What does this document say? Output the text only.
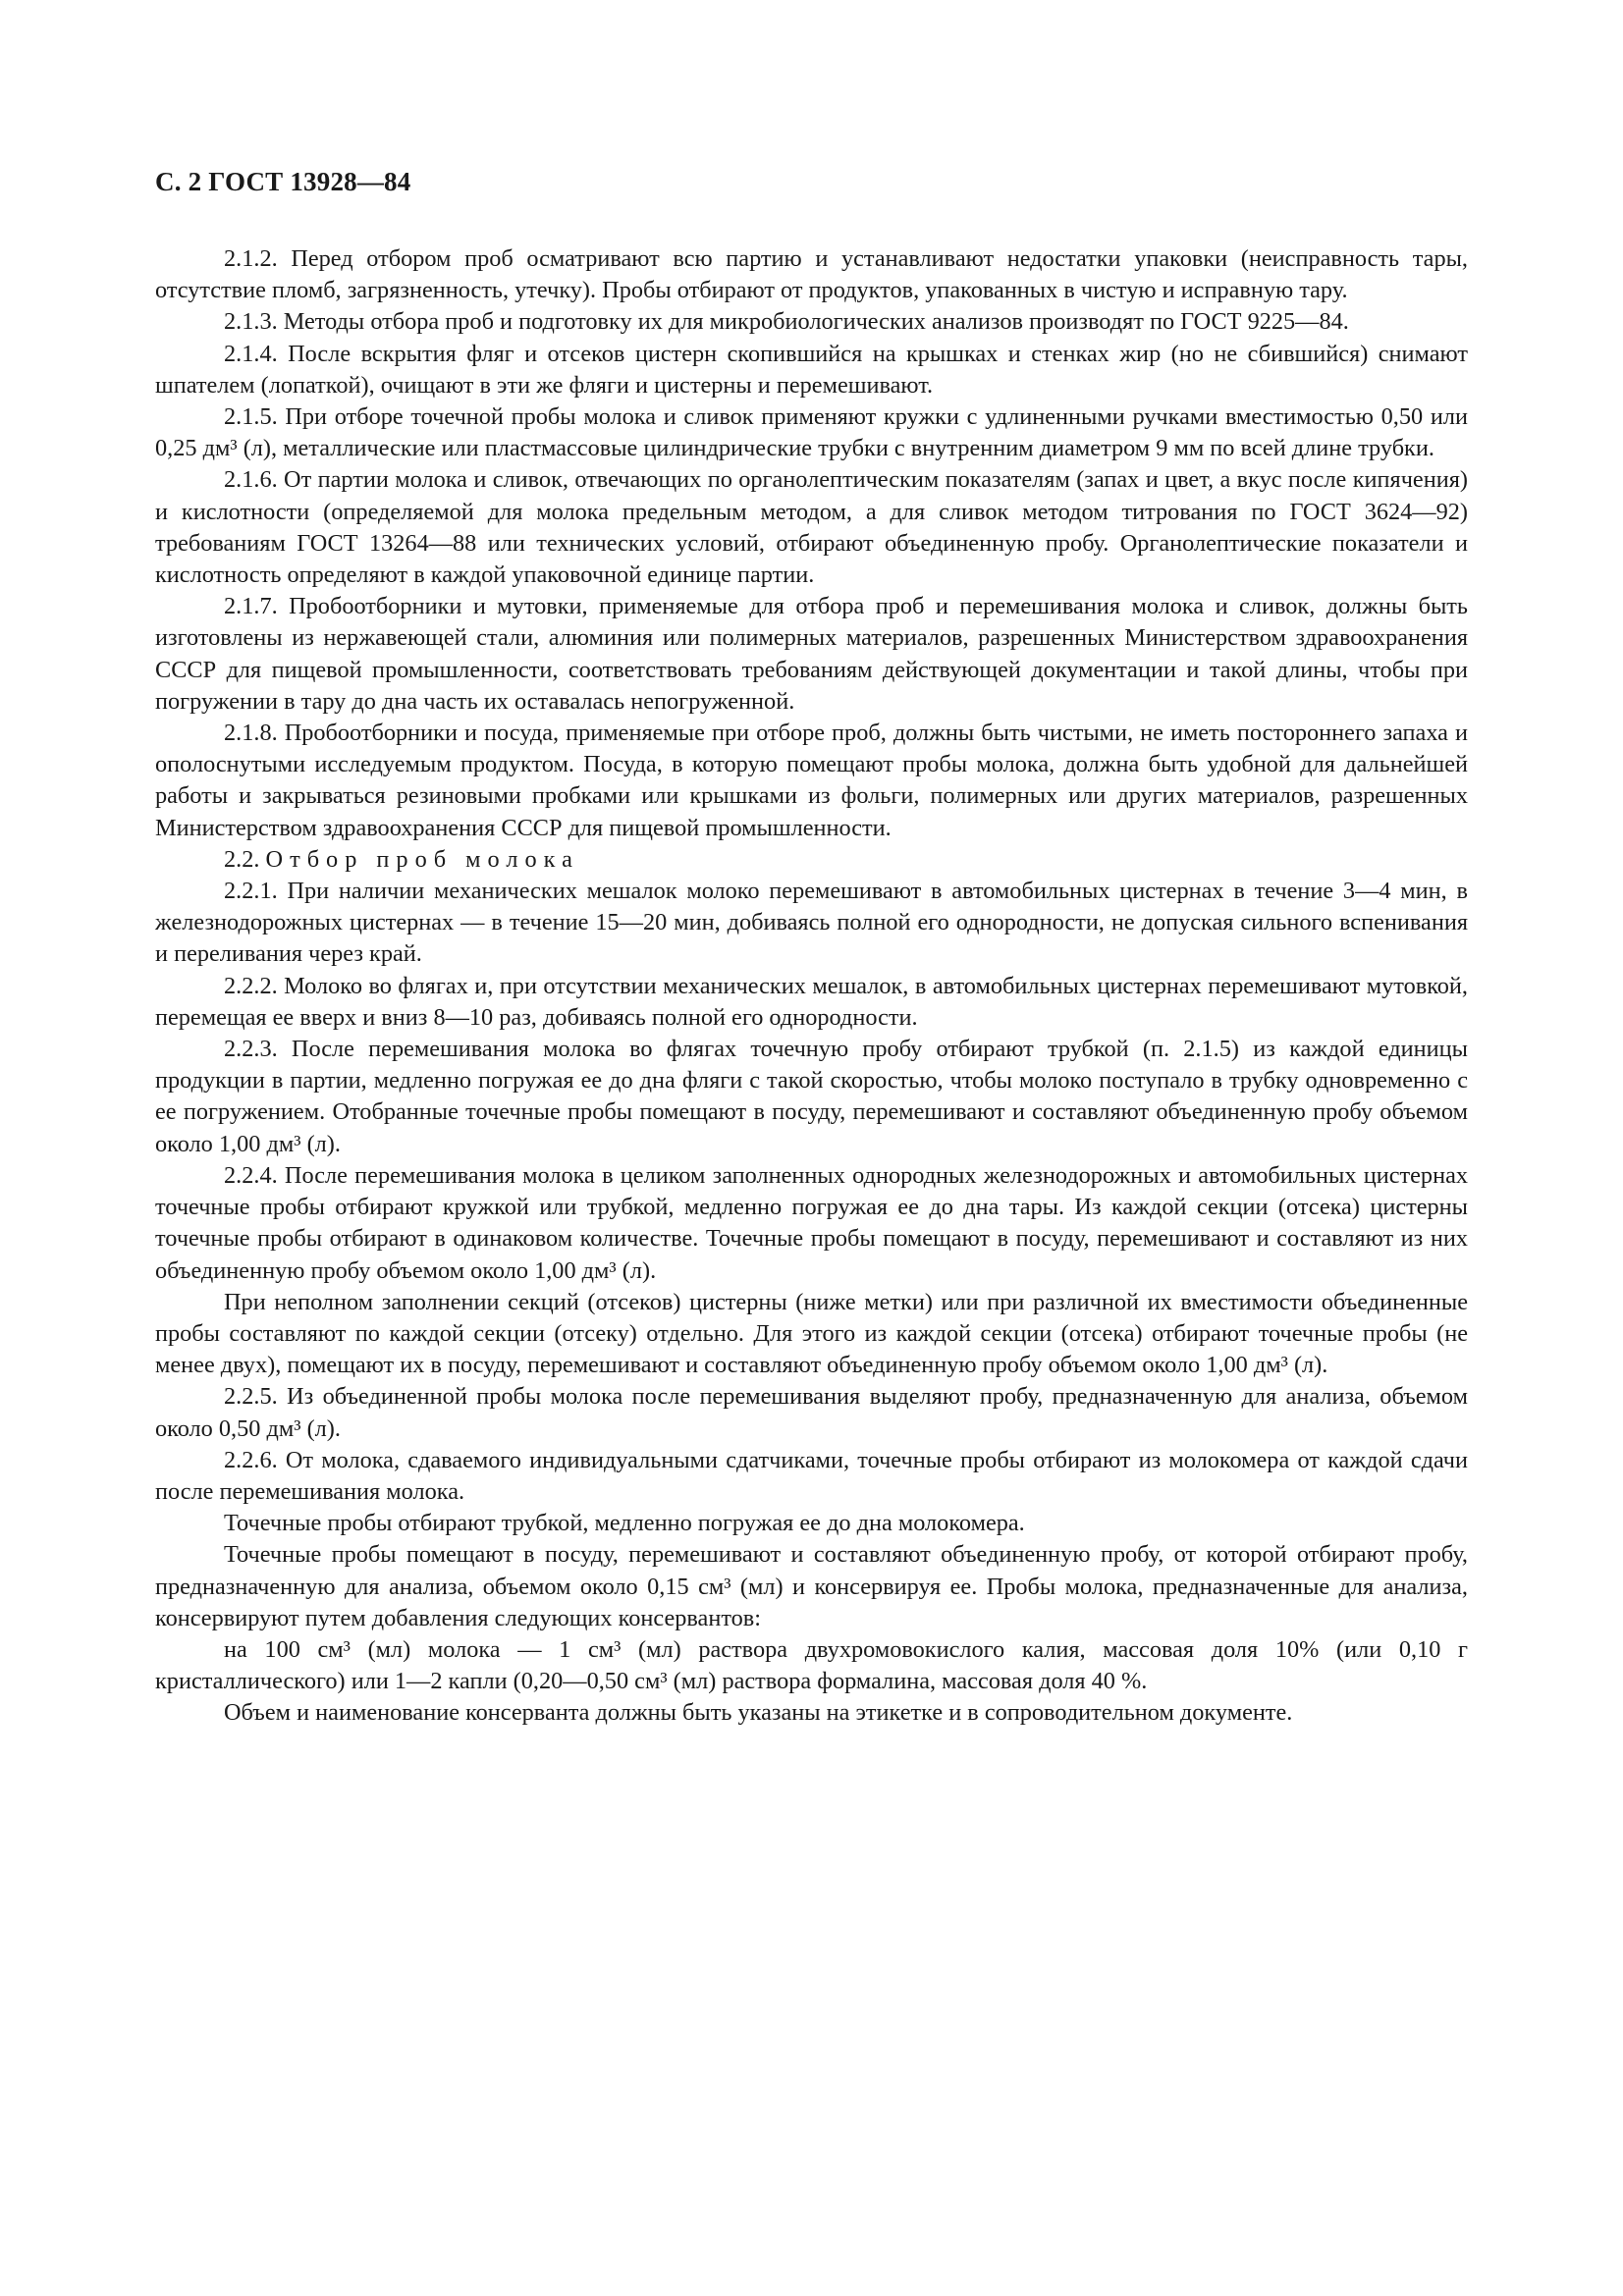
С. 2 ГОСТ 13928—84

2.1.2. Перед отбором проб осматривают всю партию и устанавливают недостатки упаковки (неисправность тары, отсутствие пломб, загрязненность, утечку). Пробы отбирают от продуктов, упакованных в чистую и исправную тару.

2.1.3. Методы отбора проб и подготовку их для микробиологических анализов производят по ГОСТ 9225—84.

2.1.4. После вскрытия фляг и отсеков цистерн скопившийся на крышках и стенках жир (но не сбившийся) снимают шпателем (лопаткой), очищают в эти же фляги и цистерны и перемешивают.

2.1.5. При отборе точечной пробы молока и сливок применяют кружки с удлиненными ручками вместимостью 0,50 или 0,25 дм³ (л), металлические или пластмассовые цилиндрические трубки с внутренним диаметром 9 мм по всей длине трубки.

2.1.6. От партии молока и сливок, отвечающих по органолептическим показателям (запах и цвет, а вкус после кипячения) и кислотности (определяемой для молока предельным методом, а для сливок методом титрования по ГОСТ 3624—92) требованиям ГОСТ 13264—88 или технических условий, отбирают объединенную пробу. Органолептические показатели и кислотность определяют в каждой упаковочной единице партии.

2.1.7. Пробоотборники и мутовки, применяемые для отбора проб и перемешивания молока и сливок, должны быть изготовлены из нержавеющей стали, алюминия или полимерных материалов, разрешенных Министерством здравоохранения СССР для пищевой промышленности, соответствовать требованиям действующей документации и такой длины, чтобы при погружении в тару до дна часть их оставалась непогруженной.

2.1.8. Пробоотборники и посуда, применяемые при отборе проб, должны быть чистыми, не иметь постороннего запаха и ополоснутыми исследуемым продуктом. Посуда, в которую помещают пробы молока, должна быть удобной для дальнейшей работы и закрываться резиновыми пробками или крышками из фольги, полимерных или других материалов, разрешенных Министерством здравоохранения СССР для пищевой промышленности.

2.2. Отбор проб молока

2.2.1. При наличии механических мешалок молоко перемешивают в автомобильных цистернах в течение 3—4 мин, в железнодорожных цистернах — в течение 15—20 мин, добиваясь полной его однородности, не допуская сильного вспенивания и переливания через край.

2.2.2. Молоко во флягах и, при отсутствии механических мешалок, в автомобильных цистернах перемешивают мутовкой, перемещая ее вверх и вниз 8—10 раз, добиваясь полной его однородности.

2.2.3. После перемешивания молока во флягах точечную пробу отбирают трубкой (п. 2.1.5) из каждой единицы продукции в партии, медленно погружая ее до дна фляги с такой скоростью, чтобы молоко поступало в трубку одновременно с ее погружением. Отобранные точечные пробы помещают в посуду, перемешивают и составляют объединенную пробу объемом около 1,00 дм³ (л).

2.2.4. После перемешивания молока в целиком заполненных однородных железнодорожных и автомобильных цистернах точечные пробы отбирают кружкой или трубкой, медленно погружая ее до дна тары. Из каждой секции (отсека) цистерны точечные пробы отбирают в одинаковом количестве. Точечные пробы помещают в посуду, перемешивают и составляют из них объединенную пробу объемом около 1,00 дм³ (л).

При неполном заполнении секций (отсеков) цистерны (ниже метки) или при различной их вместимости объединенные пробы составляют по каждой секции (отсеку) отдельно. Для этого из каждой секции (отсека) отбирают точечные пробы (не менее двух), помещают их в посуду, перемешивают и составляют объединенную пробу объемом около 1,00 дм³ (л).

2.2.5. Из объединенной пробы молока после перемешивания выделяют пробу, предназначенную для анализа, объемом около 0,50 дм³ (л).

2.2.6. От молока, сдаваемого индивидуальными сдатчиками, точечные пробы отбирают из молокомера от каждой сдачи после перемешивания молока.

Точечные пробы отбирают трубкой, медленно погружая ее до дна молокомера.

Точечные пробы помещают в посуду, перемешивают и составляют объединенную пробу, от которой отбирают пробу, предназначенную для анализа, объемом около 0,15 см³ (мл) и консервируя ее. Пробы молока, предназначенные для анализа, консервируют путем добавления следующих консервантов:

на 100 см³ (мл) молока — 1 см³ (мл) раствора двухромовокислого калия, массовая доля 10% (или 0,10 г кристаллического) или 1—2 капли (0,20—0,50 см³ (мл) раствора формалина, массовая доля 40 %.

Объем и наименование консерванта должны быть указаны на этикетке и в сопроводительном документе.
